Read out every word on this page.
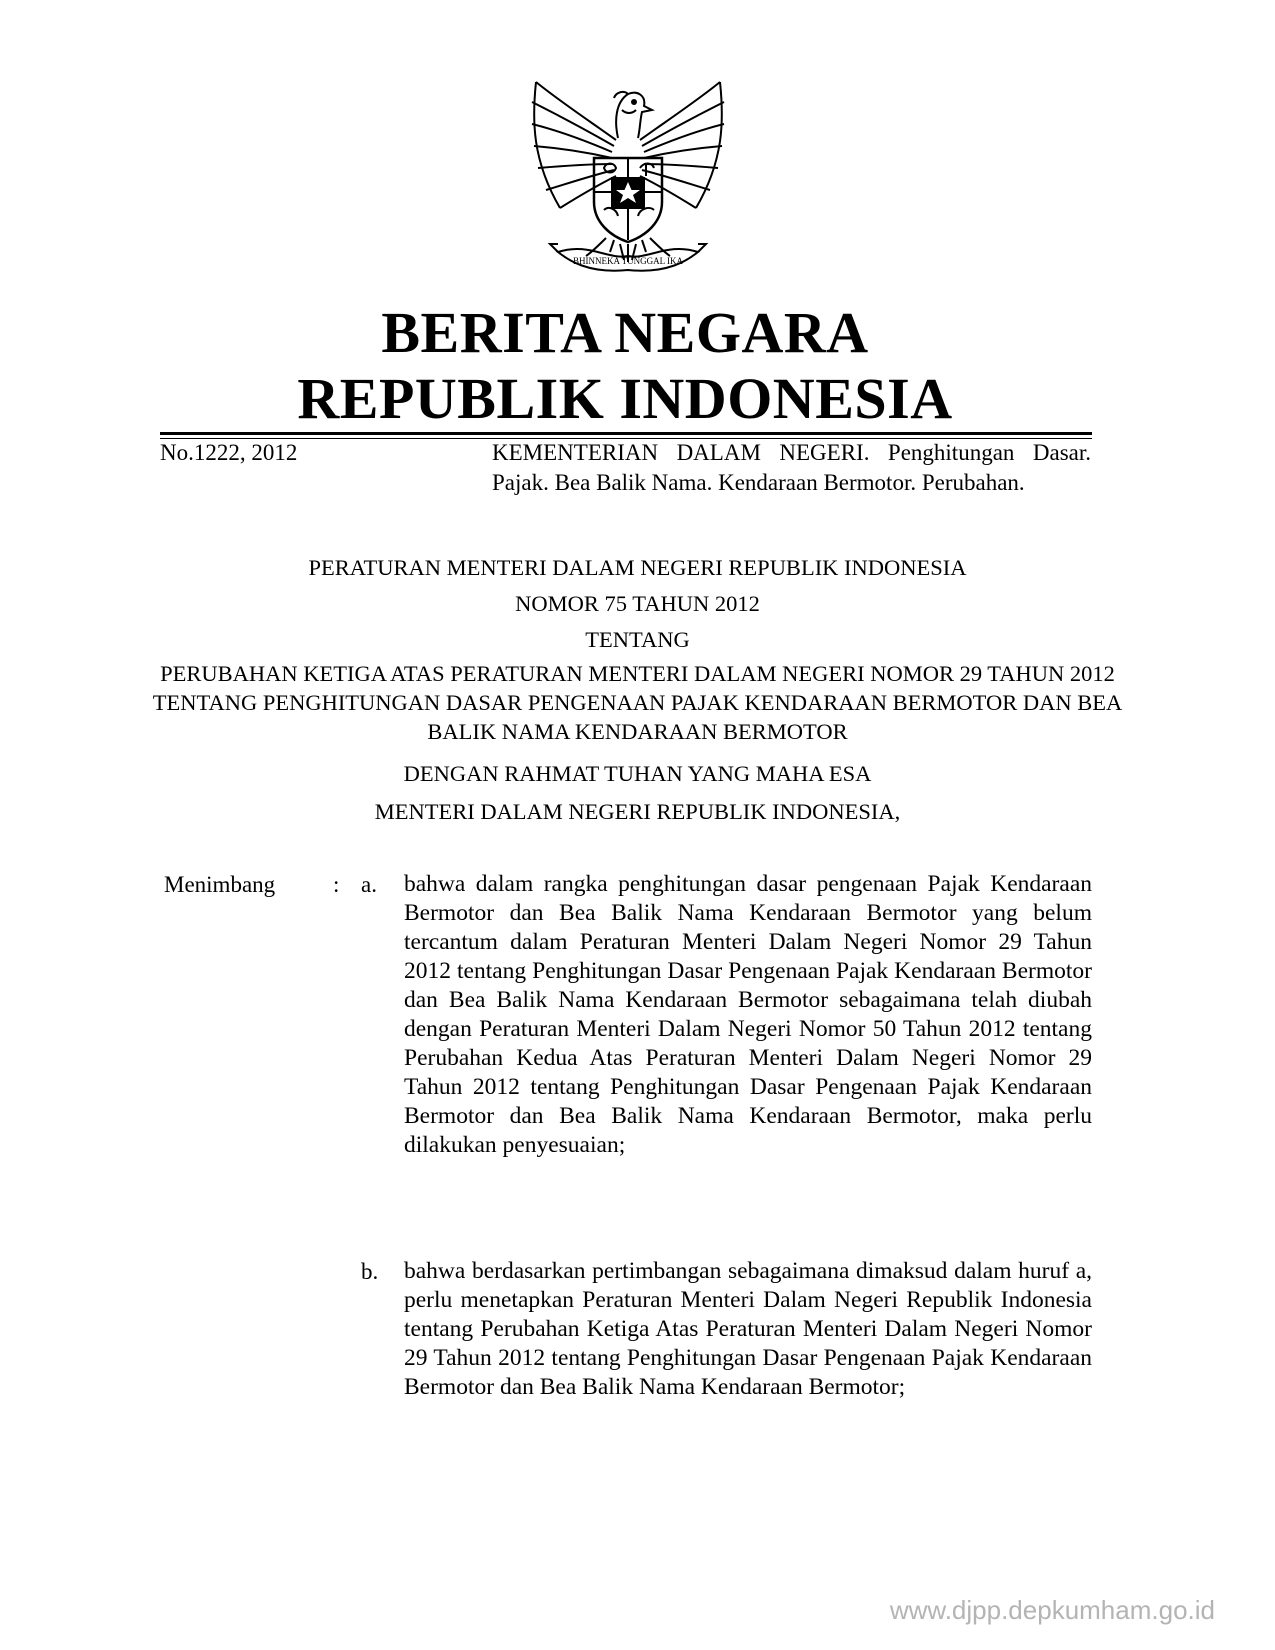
BHINNEKA TUNGGAL IKA
BERITA NEGARA
REPUBLIK INDONESIA
No.1222, 2012	KEMENTERIAN DALAM NEGERI. Penghitungan Dasar. Pajak. Bea Balik Nama. Kendaraan Bermotor. Perubahan.
PERATURAN MENTERI DALAM NEGERI REPUBLIK INDONESIA
NOMOR 75 TAHUN 2012
TENTANG
PERUBAHAN KETIGA ATAS PERATURAN MENTERI DALAM NEGERI NOMOR 29 TAHUN 2012 TENTANG PENGHITUNGAN DASAR PENGENAAN PAJAK KENDARAAN BERMOTOR DAN BEA BALIK NAMA KENDARAAN BERMOTOR
DENGAN RAHMAT TUHAN YANG MAHA ESA
MENTERI DALAM NEGERI REPUBLIK INDONESIA,
Menimbang	: a. bahwa dalam rangka penghitungan dasar pengenaan Pajak Kendaraan Bermotor dan Bea Balik Nama Kendaraan Bermotor yang belum tercantum dalam Peraturan Menteri Dalam Negeri Nomor 29 Tahun 2012 tentang Penghitungan Dasar Pengenaan Pajak Kendaraan Bermotor dan Bea Balik Nama Kendaraan Bermotor sebagaimana telah diubah dengan Peraturan Menteri Dalam Negeri Nomor 50 Tahun 2012 tentang Perubahan Kedua Atas Peraturan Menteri Dalam Negeri Nomor 29 Tahun 2012 tentang Penghitungan Dasar Pengenaan Pajak Kendaraan Bermotor dan Bea Balik Nama Kendaraan Bermotor, maka perlu dilakukan penyesuaian;
b. bahwa berdasarkan pertimbangan sebagaimana dimaksud dalam huruf a, perlu menetapkan Peraturan Menteri Dalam Negeri Republik Indonesia tentang Perubahan Ketiga Atas Peraturan Menteri Dalam Negeri Nomor 29 Tahun 2012 tentang Penghitungan Dasar Pengenaan Pajak Kendaraan Bermotor dan Bea Balik Nama Kendaraan Bermotor;
www.djpp.depkumham.go.id
